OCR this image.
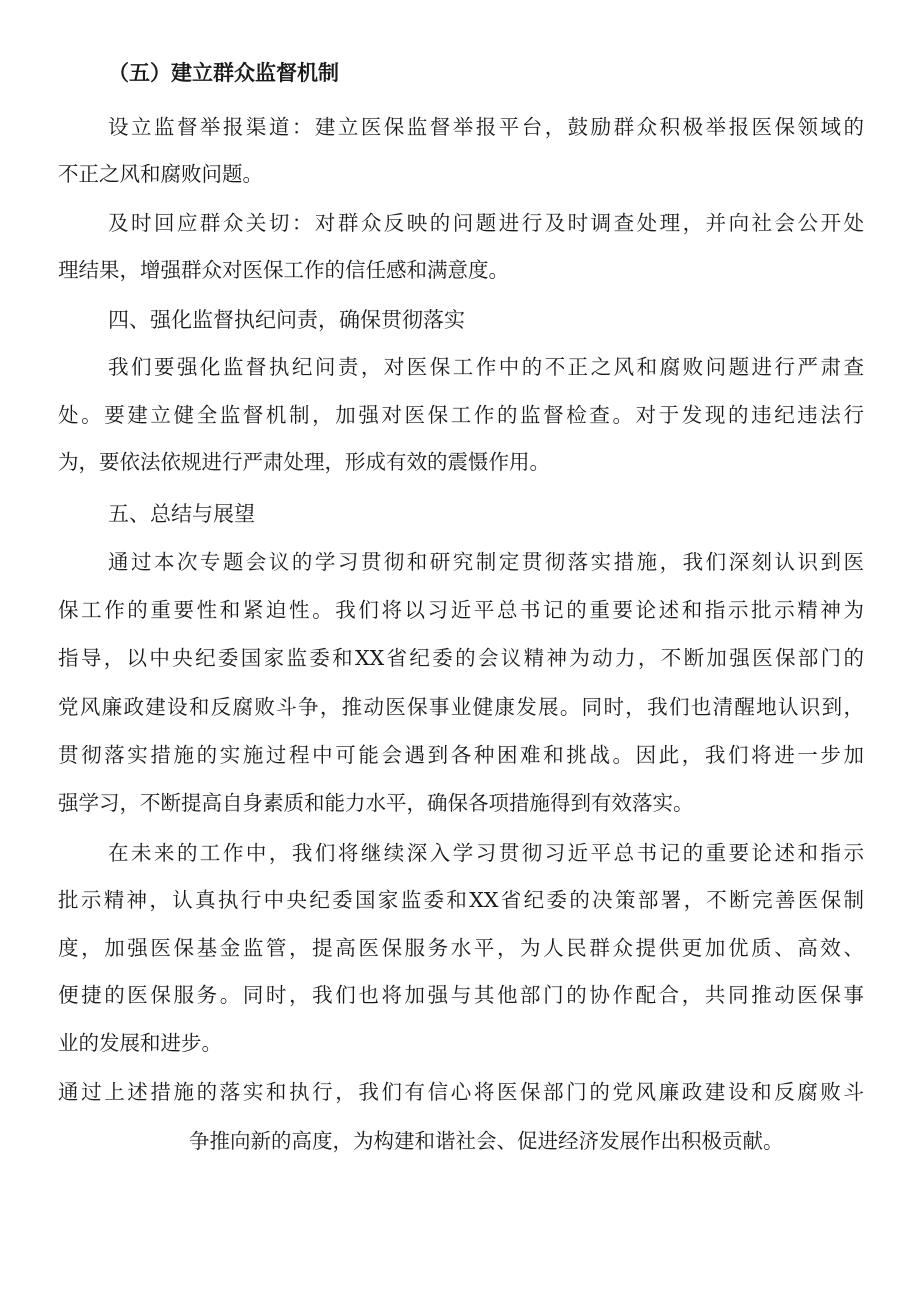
（五）建立群众监督机制
设立监督举报渠道：建立医保监督举报平台，鼓励群众积极举报医保领域的
不正之风和腐败问题。
及时回应群众关切：对群众反映的问题进行及时调查处理，并向社会公开处
理结果，增强群众对医保工作的信任感和满意度。
四、强化监督执纪问责，确保贯彻落实
我们要强化监督执纪问责，对医保工作中的不正之风和腐败问题进行严肃查
处。要建立健全监督机制，加强对医保工作的监督检查。对于发现的违纪违法行
为，要依法依规进行严肃处理，形成有效的震慑作用。
五、总结与展望
通过本次专题会议的学习贯彻和研究制定贯彻落实措施，我们深刻认识到医
保工作的重要性和紧迫性。我们将以习近平总书记的重要论述和指示批示精神为
指导，以中央纪委国家监委和XX省纪委的会议精神为动力，不断加强医保部门的
党风廉政建设和反腐败斗争，推动医保事业健康发展。同时，我们也清醒地认识到，
贯彻落实措施的实施过程中可能会遇到各种困难和挑战。因此，我们将进一步加
强学习，不断提高自身素质和能力水平，确保各项措施得到有效落实。
在未来的工作中，我们将继续深入学习贯彻习近平总书记的重要论述和指示
批示精神，认真执行中央纪委国家监委和XX省纪委的决策部署，不断完善医保制
度，加强医保基金监管，提高医保服务水平，为人民群众提供更加优质、高效、
便捷的医保服务。同时，我们也将加强与其他部门的协作配合，共同推动医保事
业的发展和进步。
通过上述措施的落实和执行，我们有信心将医保部门的党风廉政建设和反腐败斗
争推向新的高度，为构建和谐社会、促进经济发展作出积极贡献。
